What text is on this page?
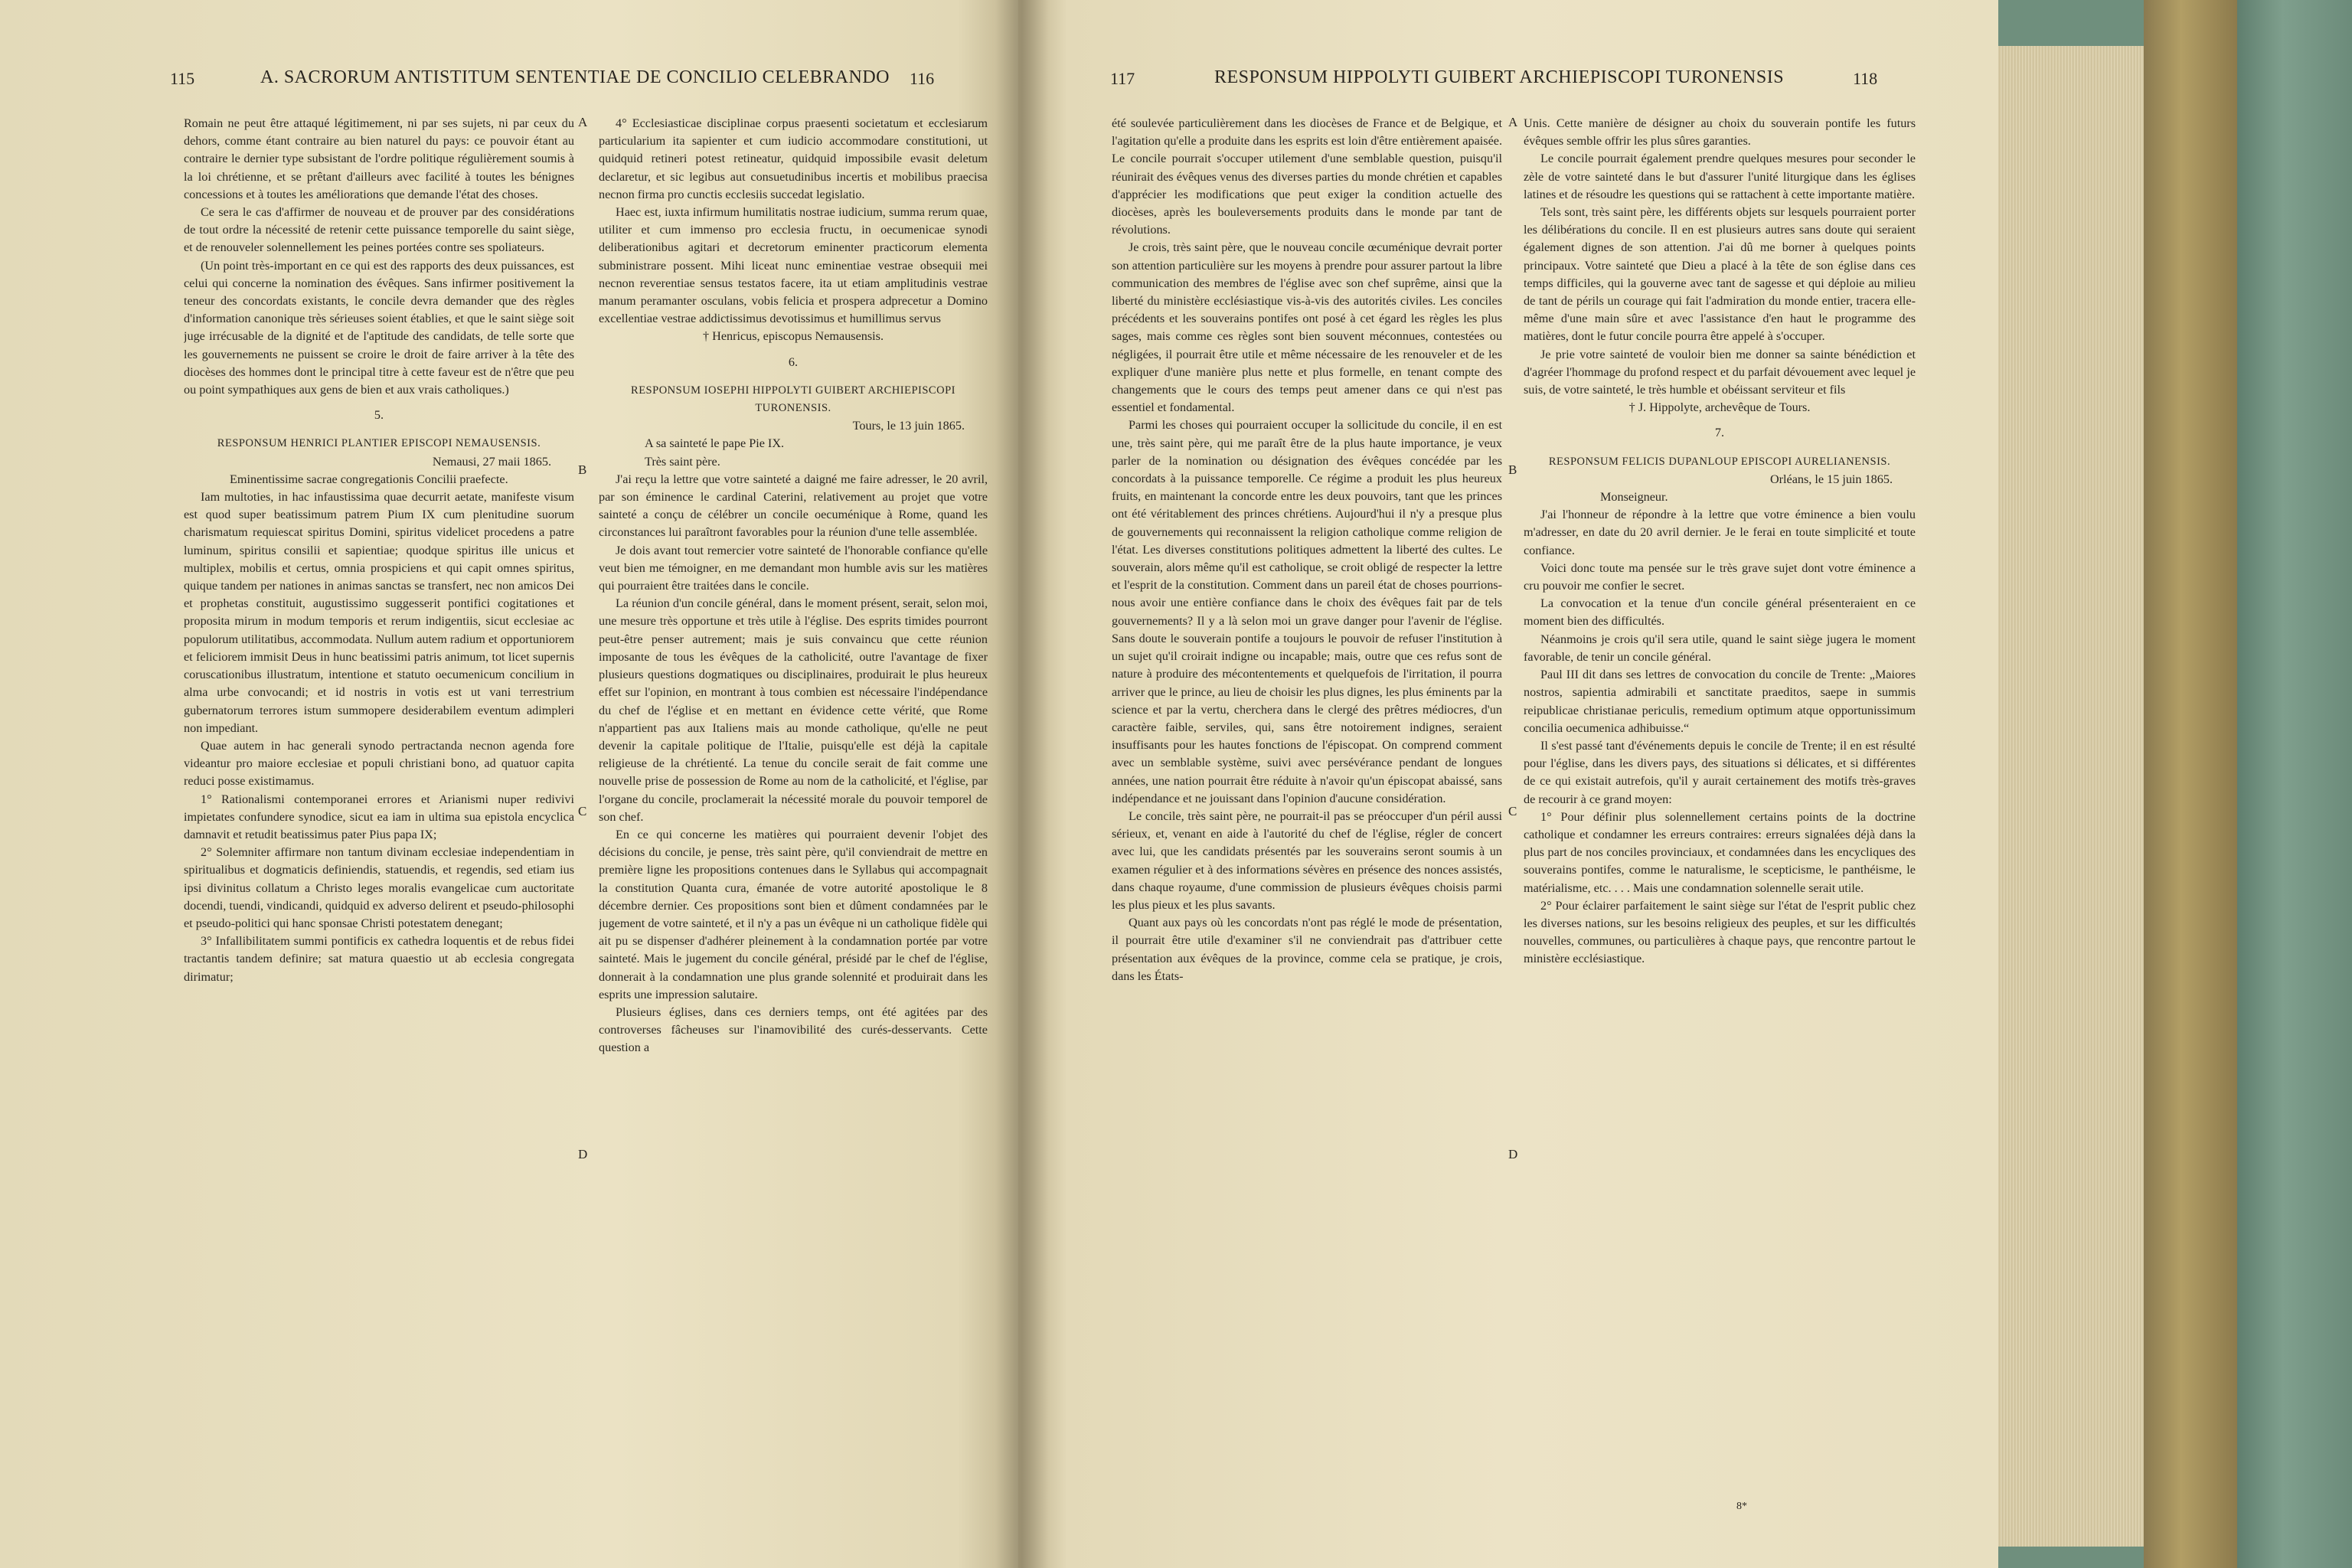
115	A. SACRORUM ANTISTITUM SENTENTIAE DE CONCILIO CELEBRANDO 116

Romain ne peut être attaqué légitimement, ni par ses sujets, ni par ceux du dehors, comme étant contraire au bien naturel du pays: ce pouvoir étant au contraire le dernier type subsistant de l'ordre politique régulièrement soumis à la loi chrétienne, et se prêtant d'ailleurs avec facilité à toutes les bénignes concessions et à toutes les améliorations que demande l'état des choses.

Ce sera le cas d'affirmer de nouveau et de prouver par des considérations de tout ordre la nécessité de retenir cette puissance temporelle du saint siège, et de renouveler solennellement les peines portées contre ses spoliateurs.

(Un point très-important en ce qui est des rapports des deux puissances, est celui qui concerne la nomination des évêques. Sans infirmer positivement la teneur des concordats existants, le concile devra demander que des règles d'information canonique très sérieuses soient établies, et que le saint siège soit juge irrécusable de la dignité et de l'aptitude des candidats, de telle sorte que les gouvernements ne puissent se croire le droit de faire arriver à la tête des diocèses des hommes dont le principal titre à cette faveur est de n'être que peu ou point sympathiques aux gens de bien et aux vrais catholiques.)

5.

RESPONSUM HENRICI PLANTIER EPISCOPI NEMAUSENSIS.

Nemausi, 27 maii 1865.

Eminentissime sacrae congregationis Concilii praefecte.

Iam multoties, in hac infaustissima quae decurrit aetate, manifeste visum est quod super beatissimum patrem Pium IX cum plenitudine suorum charismatum requiescat spiritus Domini, spiritus videlicet procedens a patre luminum, spiritus consilii et sapientiae; quodque spiritus ille unicus et multiplex, mobilis et certus, omnia prospiciens et qui capit omnes spiritus, quique tandem per nationes in animas sanctas se transfert, nec non amicos Dei et prophetas constituit, augustissimo suggesserit pontifici cogitationes et proposita mirum in modum temporis et rerum indigentiis, sicut ecclesiae ac populorum utilitatibus, accommodata. Nullum autem radium et opportuniorem et feliciorem immisit Deus in hunc beatissimi patris animum, tot licet supernis coruscationibus illustratum, intentione et statuto oecumenicum concilium in alma urbe convocandi; et id nostris in votis est ut vani terrestrium gubernatorum terrores istum summopere desiderabilem eventum adimpleri non impediant.

Quae autem in hac generali synodo pertractanda necnon agenda fore videantur pro maiore ecclesiae et populi christiani bono, ad quatuor capita reduci posse existimamus.

1° Rationalismi contemporanei errores et Arianismi nuper redivivi impietates confundere synodice, sicut ea iam in ultima sua epistola encyclica damnavit et retudit beatissimus pater Pius papa IX;

2° Solemniter affirmare non tantum divinam ecclesiae independentiam in spiritualibus et dogmaticis definiendis, statuendis, et regendis, sed etiam ius ipsi divinitus collatum a Christo leges moralis evangelicae cum auctoritate docendi, tuendi, vindicandi, quidquid ex adverso delirent et pseudo-philosophi et pseudo-politici qui hanc sponsae Christi potestatem denegant;

3° Infallibilitatem summi pontificis ex cathedra loquentis et de rebus fidei tractantis tandem definire; sat matura quaestio ut ab ecclesia congregata dirimatur;

4° Ecclesiasticae disciplinae corpus praesenti societatum et ecclesiarum particularium ita sapienter et cum iudicio accommodare constitutioni, ut quidquid retineri potest retineatur, quidquid impossibile evasit deletum declaretur, et sic legibus aut consuetudinibus incertis et mobilibus praecisa necnon firma pro cunctis ecclesiis succedat legislatio.

Haec est, iuxta infirmum humilitatis nostrae iudicium, summa rerum quae, utiliter et cum immenso pro ecclesia fructu, in oecumenicae synodi deliberationibus agitari et decretorum eminenter practicorum elementa subministrare possent. Mihi liceat nunc eminentiae vestrae obsequii mei necnon reverentiae sensus testatos facere, ita ut etiam amplitudinis vestrae manum peramanter osculans, vobis felicia et prospera adprecetur a Domino excellentiae vestrae addictissimus devotissimus et humillimus servus

† Henricus, episcopus Nemausensis.

6.

RESPONSUM IOSEPHI HIPPOLYTI GUIBERT ARCHIEPISCOPI TURONENSIS.

Tours, le 13 juin 1865.

A sa sainteté le pape Pie IX.

Très saint père.

J'ai reçu la lettre que votre sainteté a daigné me faire adresser, le 20 avril, par son éminence le cardinal Caterini, relativement au projet que votre sainteté a conçu de célébrer un concile oecuménique à Rome, quand les circonstances lui paraîtront favorables pour la réunion d'une telle assemblée.

Je dois avant tout remercier votre sainteté de l'honorable confiance qu'elle veut bien me témoigner, en me demandant mon humble avis sur les matières qui pourraient être traitées dans le concile.

La réunion d'un concile général, dans le moment présent, serait, selon moi, une mesure très opportune et très utile à l'église. Des esprits timides pourront peut-être penser autrement; mais je suis convaincu que cette réunion imposante de tous les évêques de la catholicité, outre l'avantage de fixer plusieurs questions dogmatiques ou disciplinaires, produirait le plus heureux effet sur l'opinion, en montrant à tous combien est nécessaire l'indépendance du chef de l'église et en mettant en évidence cette vérité, que Rome n'appartient pas aux Italiens mais au monde catholique, qu'elle ne peut devenir la capitale politique de l'Italie, puisqu'elle est déjà la capitale religieuse de la chrétienté. La tenue du concile serait de fait comme une nouvelle prise de possession de Rome au nom de la catholicité, et l'église, par l'organe du concile, proclamerait la nécessité morale du pouvoir temporel de son chef.

En ce qui concerne les matières qui pourraient devenir l'objet des décisions du concile, je pense, très saint père, qu'il conviendrait de mettre en première ligne les propositions contenues dans le Syllabus qui accompagnait la constitution Quanta cura, émanée de votre autorité apostolique le 8 décembre dernier. Ces propositions sont bien et dûment condamnées par le jugement de votre sainteté, et il n'y a pas un évêque ni un catholique fidèle qui ait pu se dispenser d'adhérer pleinement à la condamnation portée par votre sainteté. Mais le jugement du concile général, présidé par le chef de l'église, donnerait à la condamnation une plus grande solennité et produirait dans les esprits une impression salutaire.

Plusieurs églises, dans ces derniers temps, ont été agitées par des controverses fâcheuses sur l'inamovibilité des curés-desservants. Cette question a

A
B
C
D
117	RESPONSUM HIPPOLYTI GUIBERT ARCHIEPISCOPI TURONENSIS	118

été soulevée particulièrement dans les diocèses de France et de Belgique, et l'agitation qu'elle a produite dans les esprits est loin d'être entièrement apaisée. Le concile pourrait s'occuper utilement d'une semblable question, puisqu'il réunirait des évêques venus des diverses parties du monde chrétien et capables d'apprécier les modifications que peut exiger la condition actuelle des diocèses, après les bouleversements produits dans le monde par tant de révolutions.

Je crois, très saint père, que le nouveau concile œcuménique devrait porter son attention particulière sur les moyens à prendre pour assurer partout la libre communication des membres de l'église avec son chef suprême, ainsi que la liberté du ministère ecclésiastique vis-à-vis des autorités civiles. Les conciles précédents et les souverains pontifes ont posé à cet égard les règles les plus sages, mais comme ces règles sont bien souvent méconnues, contestées ou négligées, il pourrait être utile et même nécessaire de les renouveler et de les expliquer d'une manière plus nette et plus formelle, en tenant compte des changements que le cours des temps peut amener dans ce qui n'est pas essentiel et fondamental.

Parmi les choses qui pourraient occuper la sollicitude du concile, il en est une, très saint père, qui me paraît être de la plus haute importance, je veux parler de la nomination ou désignation des évêques concédée par les concordats à la puissance temporelle. Ce régime a produit les plus heureux fruits, en maintenant la concorde entre les deux pouvoirs, tant que les princes ont été véritablement des princes chrétiens. Aujourd'hui il n'y a presque plus de gouvernements qui reconnaissent la religion catholique comme religion de l'état. Les diverses constitutions politiques admettent la liberté des cultes. Le souverain, alors même qu'il est catholique, se croit obligé de respecter la lettre et l'esprit de la constitution. Comment dans un pareil état de choses pourrions-nous avoir une entière confiance dans le choix des évêques fait par de tels gouvernements? Il y a là selon moi un grave danger pour l'avenir de l'église. Sans doute le souverain pontife a toujours le pouvoir de refuser l'institution à un sujet qu'il croirait indigne ou incapable; mais, outre que ces refus sont de nature à produire des mécontentements et quelquefois de l'irritation, il pourra arriver que le prince, au lieu de choisir les plus dignes, les plus éminents par la science et par la vertu, cherchera dans le clergé des prêtres médiocres, d'un caractère faible, serviles, qui, sans être notoirement indignes, seraient insuffisants pour les hautes fonctions de l'épiscopat. On comprend comment avec un semblable système, suivi avec persévérance pendant de longues années, une nation pourrait être réduite à n'avoir qu'un épiscopat abaissé, sans indépendance et ne jouissant dans l'opinion d'aucune considération.

Le concile, très saint père, ne pourrait-il pas se préoccuper d'un péril aussi sérieux, et, venant en aide à l'autorité du chef de l'église, régler de concert avec lui, que les candidats présentés par les souverains seront soumis à un examen régulier et à des informations sévères en présence des nonces assistés, dans chaque royaume, d'une commission de plusieurs évêques choisis parmi les plus pieux et les plus savants.

Quant aux pays où les concordats n'ont pas réglé le mode de présentation, il pourrait être utile d'examiner s'il ne conviendrait pas d'attribuer cette présentation aux évêques de la province, comme cela se pratique, je crois, dans les États-

Unis. Cette manière de désigner au choix du souverain pontife les futurs évêques semble offrir les plus sûres garanties.

Le concile pourrait également prendre quelques mesures pour seconder le zèle de votre sainteté dans le but d'assurer l'unité liturgique dans les églises latines et de résoudre les questions qui se rattachent à cette importante matière.

Tels sont, très saint père, les différents objets sur lesquels pourraient porter les délibérations du concile. Il en est plusieurs autres sans doute qui seraient également dignes de son attention. J'ai dû me borner à quelques points principaux. Votre sainteté que Dieu a placé à la tête de son église dans ces temps difficiles, qui la gouverne avec tant de sagesse et qui déploie au milieu de tant de périls un courage qui fait l'admiration du monde entier, tracera elle-même d'une main sûre et avec l'assistance d'en haut le programme des matières, dont le futur concile pourra être appelé à s'occuper.

Je prie votre sainteté de vouloir bien me donner sa sainte bénédiction et d'agréer l'hommage du profond respect et du parfait dévouement avec lequel je suis, de votre sainteté, le très humble et obéissant serviteur et fils

† J. Hippolyte, archevêque de Tours.

7.

RESPONSUM FELICIS DUPANLOUP EPISCOPI AURELIANENSIS.

Orléans, le 15 juin 1865.

Monseigneur.

J'ai l'honneur de répondre à la lettre que votre éminence a bien voulu m'adresser, en date du 20 avril dernier. Je le ferai en toute simplicité et toute confiance.

Voici donc toute ma pensée sur le très grave sujet dont votre éminence a cru pouvoir me confier le secret.

La convocation et la tenue d'un concile général présenteraient en ce moment bien des difficultés.

Néanmoins je crois qu'il sera utile, quand le saint siège jugera le moment favorable, de tenir un concile général.

Paul III dit dans ses lettres de convocation du concile de Trente: „Maiores nostros, sapientia admirabili et sanctitate praeditos, saepe in summis reipublicae christianae periculis, remedium optimum atque opportunissimum concilia oecumenica adhibuisse.“

Il s'est passé tant d'événements depuis le concile de Trente; il en est résulté pour l'église, dans les divers pays, des situations si délicates, et si différentes de ce qui existait autrefois, qu'il y aurait certainement des motifs très-graves de recourir à ce grand moyen:

1° Pour définir plus solennellement certains points de la doctrine catholique et condamner les erreurs contraires: erreurs signalées déjà dans la plus part de nos conciles provinciaux, et condamnées dans les encycliques des souverains pontifes, comme le naturalisme, le scepticisme, le panthéisme, le matérialisme, etc. . . . Mais une condamnation solennelle serait utile.

2° Pour éclairer parfaitement le saint siège sur l'état de l'esprit public chez les diverses nations, sur les besoins religieux des peuples, et sur les difficultés nouvelles, communes, ou particulières à chaque pays, que rencontre partout le ministère ecclésiastique.

A
B
C
D
8*
